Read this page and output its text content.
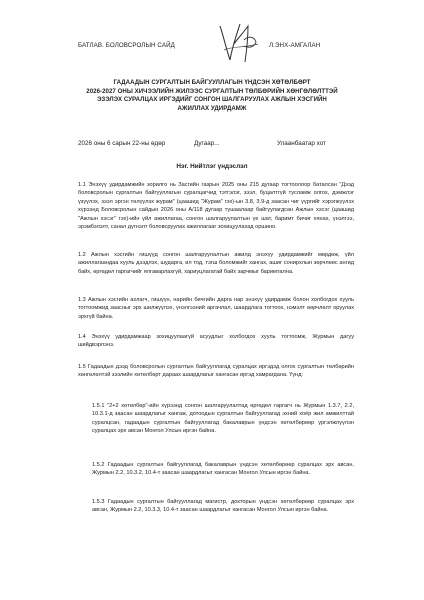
БАТЛАВ. БОЛОВСРОЛЫН САЙД	Л.ЭНХ-АМГАЛАН
ГАДААДЫН СУРГАЛТЫН БАЙГУУЛЛАГЫН ҮНДСЭН ХӨТӨЛБӨРТ
2026-2027 ОНЫ ХИЧЭЭЛИЙН ЖИЛЭЭС СУРГАЛТЫН ТӨЛБӨРИЙН ХӨНГӨЛӨЛТТЭЙ
ЭЗЭЛЭХ СУРАЛЦАХ ИРГЭДИЙГ СОНГОН ШАЛГАРУУЛАХ АЖЛЫН ХЭСГИЙН
АЖИЛЛАХ УДИРДАМЖ
2026 оны 6 сарын 22-ны өдөр	Дугаар...	Улаанбаатар хот
Нэг. Нийтлэг үндэслэл
1.1 Энэхүү удирдамжийн зорилго нь Засгийн газрын 2025 оны 215 дугаар тогтоолоор баталсан "Дээд боловсролын сургалтын байгууллагын суралцагчид тэтгэлэг, зээл, буцалтгүй тусламж олгох, дэмжлэг үзүүлэх, зээл эргэн төлүүлэх журам" (цаашид "Журам" гэх)-ын 3.8, 3.9-д заасан чиг үүргийг хэрэгжүүлэх хүрээнд Боловсролын сайдын 2026 оны А/118 дугаар тушаалаар байгуулагдсан Ажлын хэсэг (цаашид "Ажлын хэсэг" гэх)-ийн үйл ажиллагаа, сонгон шалгаруулалтын үе шат, баримт бичиг хянах, үнэлгээ, эрэмбэлэлт, санал дүгнэлт боловсруулах ажиллагааг зохицуулахад оршино.
1.2 Ажлын хэсгийн гишүүд сонгон шалгаруулалтын ажилд энэхүү удирдамжийг мөрдөж, үйл ажиллагаандаа хууль дээдлэх, шударга, ил тод, тэгш боломжийг хангах, ашиг сонирхлын зөрчлөөс ангид байх, өргөдөл гаргагчийг ялгаварлахгүй, хариуцлагатай байх зарчмыг баримтална.
1.3 Ажлын хэсгийн ахлагч, гишүүн, нарийн бичгийн дарга нар энэхүү удирдамж болон холбогдох хууль тогтоомжид заасныг эрх шилжүүлэх, үнэлгээний аргачлал, шаардлага тогтоох, нэмэлт өөрчлөлт оруулах эрхгүй байна.
1.4 Энэхүү удирдамжаар зохицуулаагүй асуудлыг холбогдох хууль тогтоомж, Журмын дагуу шийдвэрлэнэ.
1.5 Гадаадын дээд боловсролын сургалтын байгууллагад суралцах иргэдэд олгох сургалтын төлбөрийн хөнгөлөлтэй зээлийн хөтөлбөрт дараах шаардлагыг хангасан иргэд хамрагдана. Үүнд:
1.5.1 "2+2 хөтөлбөр"-ийн хүрээнд сонгон шалгаруулалтад өргөдөл гаргагч нь Журмын 1.3.7, 2.2, 10.3.1-д заасан шаардлагыг хангаж, дотоодын сургалтын байгууллагад эхний хоёр жил амжилттай суралцсан, гадаадын сургалтын байгууллагад бакалаврын үндсэн хөтөлбөрөөр үргэлжлүүлэн суралцах эрх авсан Монгол Улсын иргэн байна.
1.5.2 Гадаадын сургалтын байгууллагад бакалаврын үндсэн хөтөлбөрөөр суралцах эрх авсан, Журмын 2.2, 10.3.2, 10.4-т заасан шаардлагыг хангасан Монгол Улсын иргэн байна.
1.5.3 Гадаадын сургалтын байгууллагад магистр, докторын үндсэн хөтөлбөрөөр суралцах эрх авсан, Журмын 2.2, 10.3.3, 10.4-т заасан шаардлагыг хангасан Монгол Улсын иргэн байна.
